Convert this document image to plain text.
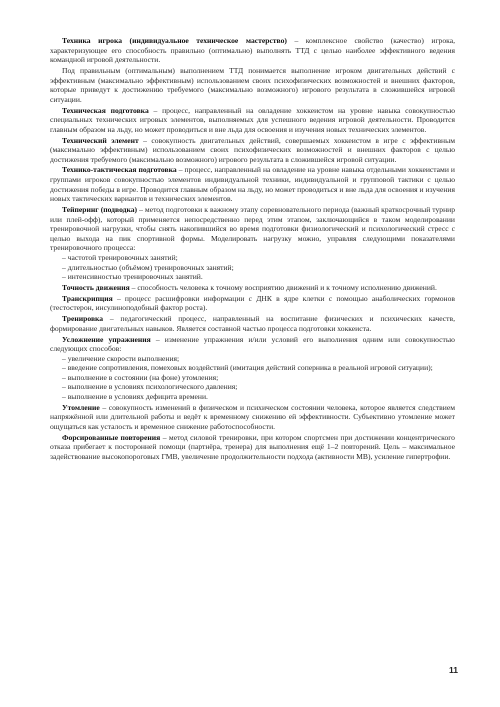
Техника игрока (индивидуальное техническое мастерство) – комплексное свойство (качество) игрока, характеризующее его способность правильно (оптимально) выполнять ТТД с целью наиболее эффективного ведения командной игровой деятельности.

Под правильным (оптимальным) выполнением ТТД понимается выполнение игроком двигательных действий с эффективным (максимально эффективным) использованием своих психофизических возможностей и внешних факторов, которые приведут к достижению требуемого (максимально возможного) игрового результата в сложившейся игровой ситуации.

Техническая подготовка – процесс, направленный на овладение хоккеистом на уровне навыка совокупностью специальных технических игровых элементов, выполняемых для успешного ведения игровой деятельности. Проводится главным образом на льду, но может проводиться и вне льда для освоения и изучения новых технических элементов.

Технический элемент – совокупность двигательных действий, совершаемых хоккеистом в игре с эффективным (максимально эффективным) использованием своих психофизических возможностей и внешних факторов с целью достижения требуемого (максимально возможного) игрового результата в сложившейся игровой ситуации.

Технико-тактическая подготовка – процесс, направленный на овладение на уровне навыка отдельными хоккеистами и группами игроков совокупностью элементов индивидуальной техники, индивидуальной и групповой тактики с целью достижения победы в игре. Проводится главным образом на льду, но может проводиться и вне льда для освоения и изучения новых тактических вариантов и технических элементов.

Тейперинг (подводка) – метод подготовки к важному этапу соревновательного периода (важный краткосрочный турнир или плей-офф), который применяется непосредственно перед этим этапом, заключающийся в таком моделировании тренировочной нагрузки, чтобы снять накопившийся во время подготовки физиологический и психологический стресс с целью выхода на пик спортивной формы. Моделировать нагрузку можно, управляя следующими показателями тренировочного процесса:

– частотой тренировочных занятий;

– длительностью (объёмом) тренировочных занятий;

– интенсивностью тренировочных занятий.

Точность движения – способность человека к точному восприятию движений и к точному исполнению движений.

Транскрипция – процесс расшифровки информации с ДНК в ядре клетки с помощью анаболических гормонов (тестостерон, инсулиноподобный фактор роста).

Тренировка – педагогический процесс, направленный на воспитание физических и психических качеств, формирование двигательных навыков. Является составной частью процесса подготовки хоккеиста.

Усложнение упражнения – изменение упражнения и/или условий его выполнения одним или совокупностью следующих способов:

– увеличение скорости выполнения;

– введение сопротивления, помеховых воздействий (имитация действий соперника в реальной игровой ситуации);

– выполнение в состоянии (на фоне) утомления;

– выполнение в условиях психологического давления;

– выполнение в условиях дефицита времени.

Утомление – совокупность изменений в физическом и психическом состоянии человека, которое является следствием напряжённой или длительной работы и ведёт к временному снижению ей эффективности. Субъективно утомление может ощущаться как усталость и временное снижение работоспособности.

Форсированные повторения – метод силовой тренировки, при котором спортсмен при достижении концентрического отказа прибегает к посторонней помощи (партнёра, тренера) для выполнения ещё 1–2 повторений. Цель – максимальное задействование высокопороговых ГМВ, увеличение продолжительности подхода (активности МВ), усиление гипертрофии.

11
